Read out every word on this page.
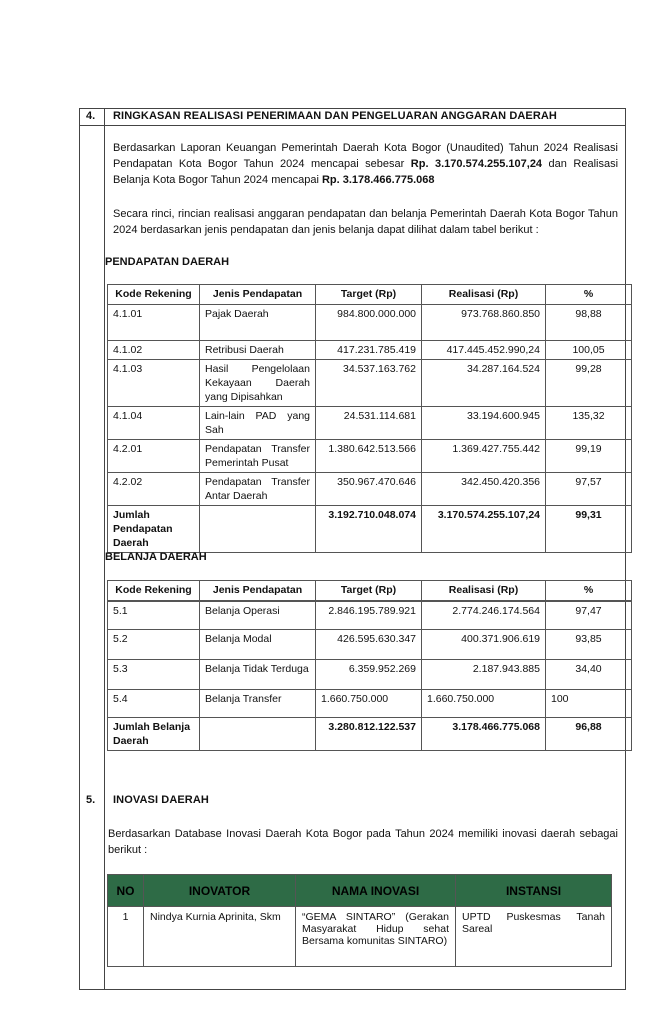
4. RINGKASAN REALISASI PENERIMAAN DAN PENGELUARAN ANGGARAN DAERAH
Berdasarkan Laporan Keuangan Pemerintah Daerah Kota Bogor (Unaudited) Tahun 2024 Realisasi Pendapatan Kota Bogor Tahun 2024 mencapai sebesar Rp. 3.170.574.255.107,24 dan Realisasi Belanja Kota Bogor Tahun 2024 mencapai Rp. 3.178.466.775.068
Secara rinci, rincian realisasi anggaran pendapatan dan belanja Pemerintah Daerah Kota Bogor Tahun 2024 berdasarkan jenis pendapatan dan jenis belanja dapat dilihat dalam tabel berikut :
PENDAPATAN DAERAH
Kode Rekening	Jenis Pendapatan	Target (Rp)	Realisasi (Rp)	%
4.1.01	Pajak Daerah	984.800.000.000	973.768.860.850	98,88
4.1.02	Retribusi Daerah	417.231.785.419	417.445.452.990,24	100,05
4.1.03	Hasil Pengelolaan Kekayaan Daerah yang Dipisahkan	34.537.163.762	34.287.164.524	99,28
4.1.04	Lain-lain PAD yang Sah	24.531.114.681	33.194.600.945	135,32
4.2.01	Pendapatan Transfer Pemerintah Pusat	1.380.642.513.566	1.369.427.755.442	99,19
4.2.02	Pendapatan Transfer Antar Daerah	350.967.470.646	342.450.420.356	97,57
Jumlah Pendapatan Daerah		3.192.710.048.074	3.170.574.255.107,24	99,31
BELANJA DAERAH
Kode Rekening	Jenis Pendapatan	Target (Rp)	Realisasi (Rp)	%
5.1	Belanja Operasi	2.846.195.789.921	2.774.246.174.564	97,47
5.2	Belanja Modal	426.595.630.347	400.371.906.619	93,85
5.3	Belanja Tidak Terduga	6.359.952.269	2.187.943.885	34,40
5.4	Belanja Transfer	1.660.750.000	1.660.750.000	100
Jumlah Belanja Daerah		3.280.812.122.537	3.178.466.775.068	96,88
5. INOVASI DAERAH
Berdasarkan Database Inovasi Daerah Kota Bogor pada Tahun 2024 memiliki inovasi daerah sebagai berikut :
NO	INOVATOR	NAMA INOVASI	INSTANSI
1	Nindya Kurnia Aprinita, Skm	“GEMA SINTARO” (Gerakan Masyarakat Hidup sehat Bersama komunitas SINTARO)	UPTD Puskesmas Tanah Sareal
